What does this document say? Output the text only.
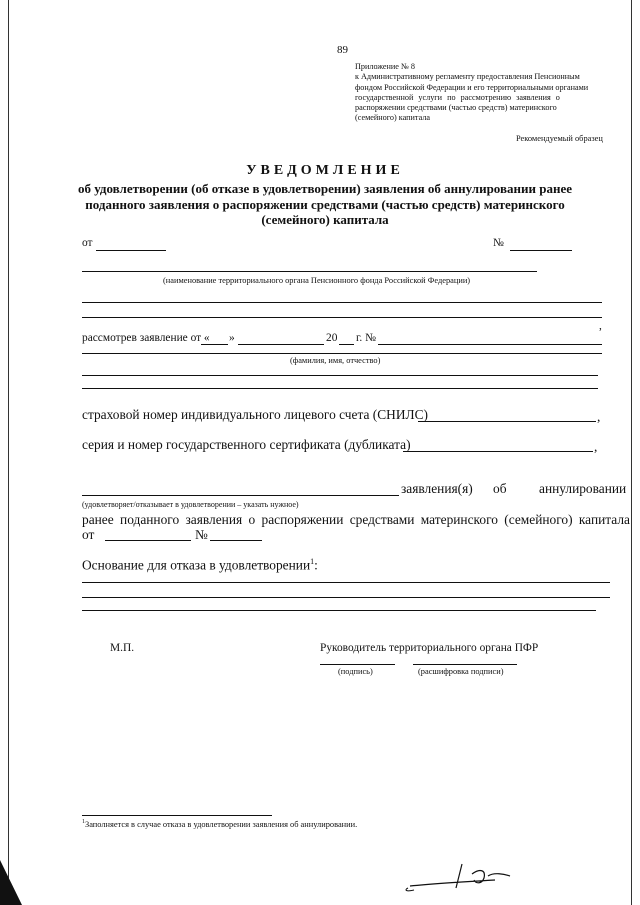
89
Приложение № 8
к Административному регламенту предоставления Пенсионным
фондом Российской Федерации и его территориальными органами
государственной услуги по рассмотрению заявления о
распоряжении средствами (частью средств) материнского
(семейного) капитала
Рекомендуемый образец
УВЕДОМЛЕНИЕ
об удовлетворении (об отказе в удовлетворении) заявления об аннулировании ранее
поданного заявления о распоряжении средствами (частью средств) материнского
(семейного) капитала
от	№
(наименование территориального органа Пенсионного фонда Российской Федерации)
,
рассмотрев заявление от « »	20 г. №
(фамилия, имя, отчество)
страховой номер индивидуального лицевого счета (СНИЛС)	,
серия и номер государственного сертификата (дубликата)	,
заявления(я) об аннулировании
(удовлетворяет/отказывает в удовлетворении – указать нужное)
ранее поданного заявления о распоряжении средствами материнского (семейного) капитала
от	№
Основание для отказа в удовлетворении$^1$:
М.П.	Руководитель территориального органа ПФР
(подпись)	(расшифровка подписи)
$^1$Заполняется в случае отказа в удовлетворении заявления об аннулировании.
